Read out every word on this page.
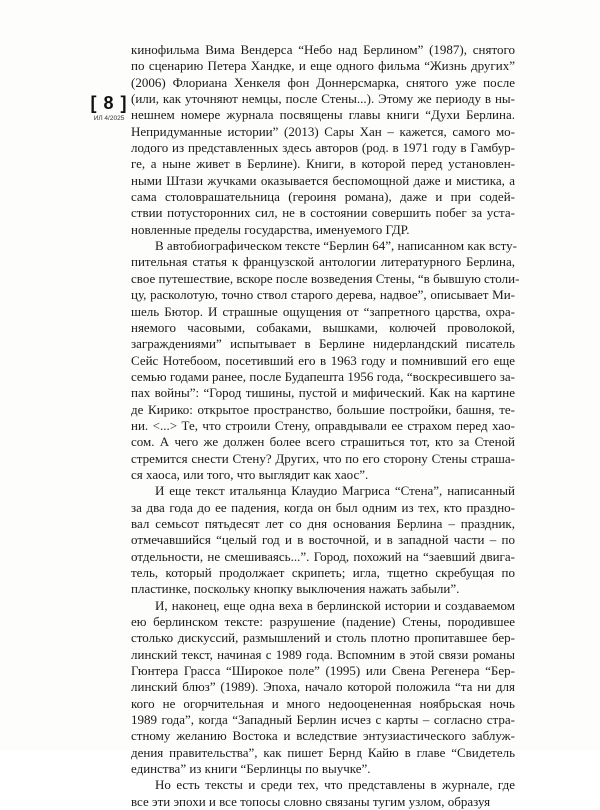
[ 8 ]
ИЛ 4/2025

кинофильма Вима Вендерса “Небо над Берлином” (1987), снятого
по сценарию Петера Хандке, и еще одного фильма “Жизнь других”
(2006) Флориана Хенкеля фон Доннерсмарка, снятого уже после
(или, как уточняют немцы, после Стены...). Этому же периоду в ны-
нешнем номере журнала посвящены главы книги “Духи Берлина.
Непридуманные истории” (2013) Сары Хан – кажется, самого мо-
лодого из представленных здесь авторов (род. в 1971 году в Гамбур-
ге, а ныне живет в Берлине). Книги, в которой перед установлен-
ными Штази жучками оказывается беспомощной даже и мистика, а
сама столоврашательница (героиня романа), даже и при содей-
ствии потусторонних сил, не в состоянии совершить побег за уста-
новленные пределы государства, именуемого ГДР.

В автобиографическом тексте “Берлин 64”, написанном как всту-
пительная статья к французской антологии литературного Берлина,
свое путешествие, вскоре после возведения Стены, “в бывшую столи-
цу, расколотую, точно ствол старого дерева, надвое”, описывает Ми-
шель Бютор. И страшные ощущения от “запретного царства, охра-
няемого часовыми, собаками, вышками, колючей проволокой,
заграждениями” испытывает в Берлине нидерландский писатель
Сейс Нотебоом, посетивший его в 1963 году и помнивший его еще
семью годами ранее, после Будапешта 1956 года, “воскресившего за-
пах войны”: “Город тишины, пустой и мифический. Как на картине
де Кирико: открытое пространство, большие постройки, башня, те-
ни. <...> Те, что строили Стену, оправдывали ее страхом перед хао-
сом. А чего же должен более всего страшиться тот, кто за Стеной
стремится снести Стену? Других, что по его сторону Стены страша-
ся хаоса, или того, что выглядит как хаос”.

И еще текст итальянца Клаудио Магриса “Стена”, написанный
за два года до ее падения, когда он был одним из тех, кто праздно-
вал семьсот пятьдесят лет со дня основания Берлина – праздник,
отмечавшийся “целый год и в восточной, и в западной части – по
отдельности, не смешиваясь...”. Город, похожий на “заевший двига-
тель, который продолжает скрипеть; игла, тщетно скребущая по
пластинке, поскольку кнопку выключения нажать забыли”.

И, наконец, еще одна веха в берлинской истории и создаваемом
ею берлинском тексте: разрушение (падение) Стены, породившее
столько дискуссий, размышлений и столь плотно пропитавшее бер-
линский текст, начиная с 1989 года. Вспомним в этой связи романы
Гюнтера Грасса “Широкое поле” (1995) или Свена Регенера “Бер-
линский блюз” (1989). Эпоха, начало которой положила “та ни для
кого не огорчительная и многo недооцененная ноябрьская ночь
1989 года”, когда “Западный Берлин исчез с карты – согласно стра-
стному желанию Востока и вследствие энтузиастического заблуж-
дения правительства”, как пишет Бернд Кайю в главе “Свидетель
единства” из книги “Берлинцы по выучке”.

Но есть тексты и среди тех, что представлены в журнале, где
все эти эпохи и все топосы словно связаны тугим узлом, образуя
